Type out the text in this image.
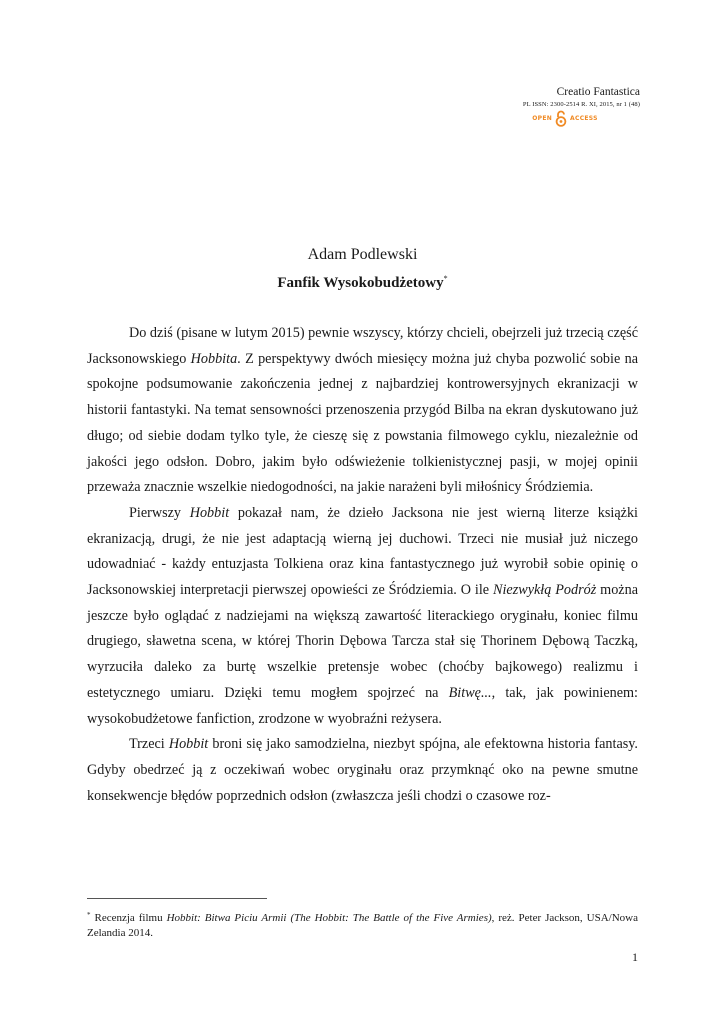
Creatio Fantastica
PL ISSN: 2300-2514 R. XI, 2015, nr 1 (48)
OPEN	ACCESS
Adam Podlewski
Fanfik Wysokobudżetowy*

Do dziś (pisane w lutym 2015) pewnie wszyscy, którzy chcieli, obejrzeli już trzecią część Jacksonowskiego Hobbita. Z perspektywy dwóch miesięcy można już chyba pozwolić sobie na spokojne podsumowanie zakończenia jednej z najbardziej kontrowersyjnych ekranizacji w historii fantastyki. Na temat sensowności przenoszenia przygód Bilba na ekran dyskutowano już długo; od siebie dodam tylko tyle, że cieszę się z powstania filmowego cyklu, niezależnie od jakości jego odsłon. Dobro, jakim było odświeżenie tolkienistycznej pasji, w mojej opinii przeważa znacznie wszelkie niedogodności, na jakie narażeni byli miłośnicy Śródziemia.

Pierwszy Hobbit pokazał nam, że dzieło Jacksona nie jest wierną literze książki ekranizacją, drugi, że nie jest adaptacją wierną jej duchowi. Trzeci nie musiał już niczego udowadniać - każdy entuzjasta Tolkiena oraz kina fantastycznego już wyrobił sobie opinię o Jacksonowskiej interpretacji pierwszej opowieści ze Śródziemia. O ile Niezwykłą Podróż można jeszcze było oglądać z nadziejami na większą zawartość literackiego oryginału, koniec filmu drugiego, sławetna scena, w której Thorin Dębowa Tarcza stał się Thorinem Dębową Taczką, wyrzuciła daleko za burtę wszelkie pretensje wobec (choćby bajkowego) realizmu i estetycznego umiaru. Dzięki temu mogłem spojrzeć na Bitwę..., tak, jak powinienem: wysokobudżetowe fanfiction, zrodzone w wyobraźni reżysera.

Trzeci Hobbit broni się jako samodzielna, niezbyt spójna, ale efektowna historia fantasy. Gdyby obedrzeć ją z oczekiwań wobec oryginału oraz przymknąć oko na pewne smutne konsekwencje błędów poprzednich odsłon (zwłaszcza jeśli chodzi o czasowe roz-

* Recenzja filmu Hobbit: Bitwa Piciu Armii (The Hobbit: The Battle of the Five Armies), reż. Peter Jackson, USA/Nowa Zelandia 2014.
1
